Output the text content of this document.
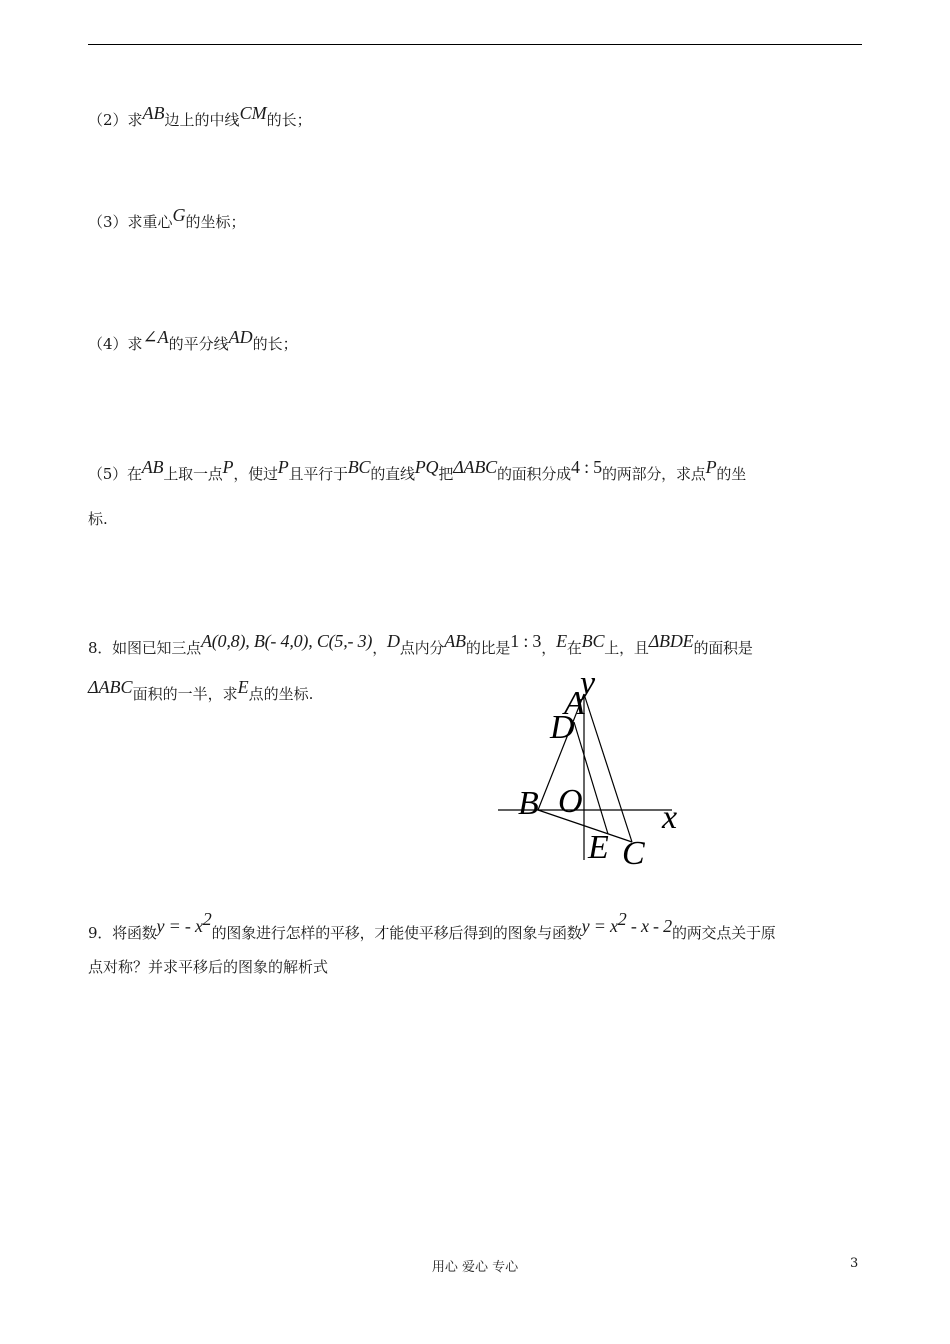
（2）求AB边上的中线CM的长；
（3）求重心G的坐标；
（4）求∠A的平分线AD的长；
（5）在AB上取一点P，使过P且平行于BC的直线PQ把ΔABC的面积分成4 : 5的两部分，求点P的坐
标.
8．如图已知三点A(0,8), B(- 4,0), C(5,- 3)，D点内分AB的比是1 : 3，E在BC上，且ΔBDE的面积是
ΔABC面积的一半，求E点的坐标.	y
A
D
B O x
E C
9．将函数y = - $x^2$的图象进行怎样的平移，才能使平移后得到的图象与函数$y = x^2 - x - 2$的两交点关于原
点对称？并求平移后的图象的解析式
用心 爱心 专心	3
